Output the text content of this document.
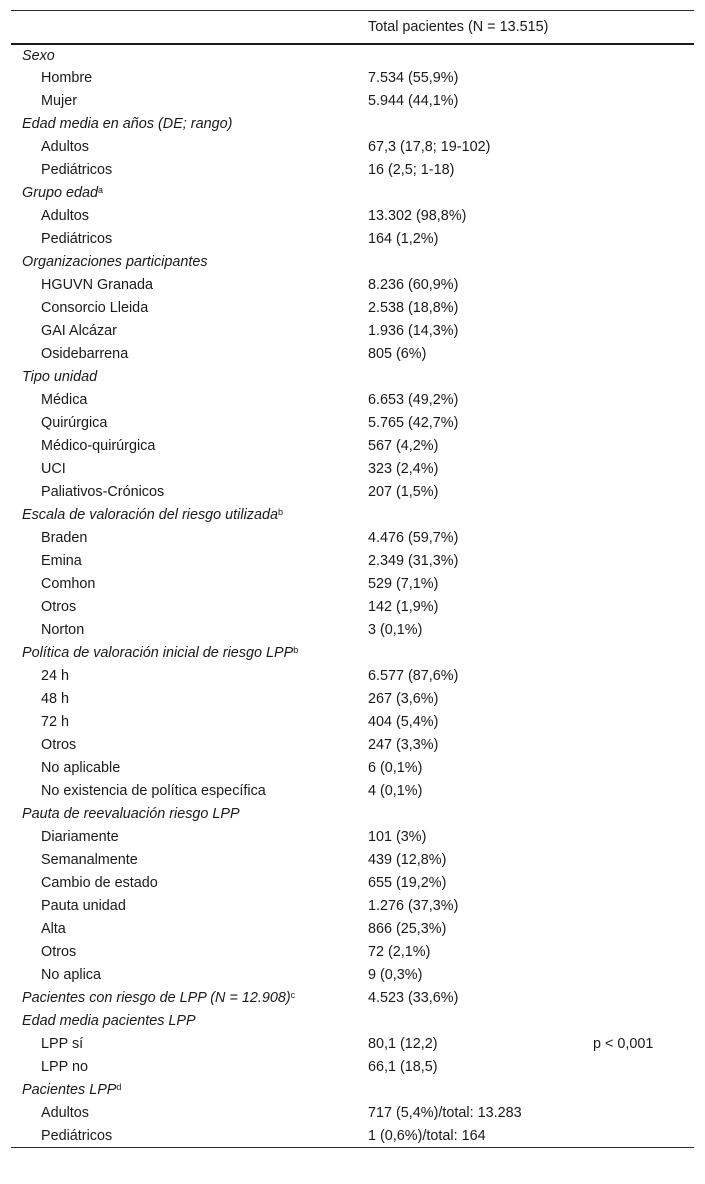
	Total pacientes (N = 13.515)	
Sexo		
Hombre	7.534 (55,9%)	
Mujer	5.944 (44,1%)	
Edad media en años (DE; rango)		
Adultos	67,3 (17,8; 19-102)	
Pediátricos	16 (2,5; 1-18)	
Grupo edad$^a$		
Adultos	13.302 (98,8%)	
Pediátricos	164 (1,2%)	
Organizaciones participantes		
HGUVN Granada	8.236 (60,9%)	
Consorcio Lleida	2.538 (18,8%)	
GAI Alcázar	1.936 (14,3%)	
Osidebarrena	805 (6%)	
Tipo unidad		
Médica	6.653 (49,2%)	
Quirúrgica	5.765 (42,7%)	
Médico-quirúrgica	567 (4,2%)	
UCI	323 (2,4%)	
Paliativos-Crónicos	207 (1,5%)	
Escala de valoración del riesgo utilizada$^b$		
Braden	4.476 (59,7%)	
Emina	2.349 (31,3%)	
Comhon	529 (7,1%)	
Otros	142 (1,9%)	
Norton	3 (0,1%)	
Política de valoración inicial de riesgo LPP$^b$		
24 h	6.577 (87,6%)	
48 h	267 (3,6%)	
72 h	404 (5,4%)	
Otros	247 (3,3%)	
No aplicable	6 (0,1%)	
No existencia de política específica	4 (0,1%)	
Pauta de reevaluación riesgo LPP		
Diariamente	101 (3%)	
Semanalmente	439 (12,8%)	
Cambio de estado	655 (19,2%)	
Pauta unidad	1.276 (37,3%)	
Alta	866 (25,3%)	
Otros	72 (2,1%)	
No aplica	9 (0,3%)	
Pacientes con riesgo de LPP (N = 12.908)$^c$	4.523 (33,6%)	
Edad media pacientes LPP		
LPP sí	80,1 (12,2)	p < 0,001
LPP no	66,1 (18,5)	
Pacientes LPP$^d$		
Adultos	717 (5,4%)/total: 13.283	
Pediátricos	1 (0,6%)/total: 164	
